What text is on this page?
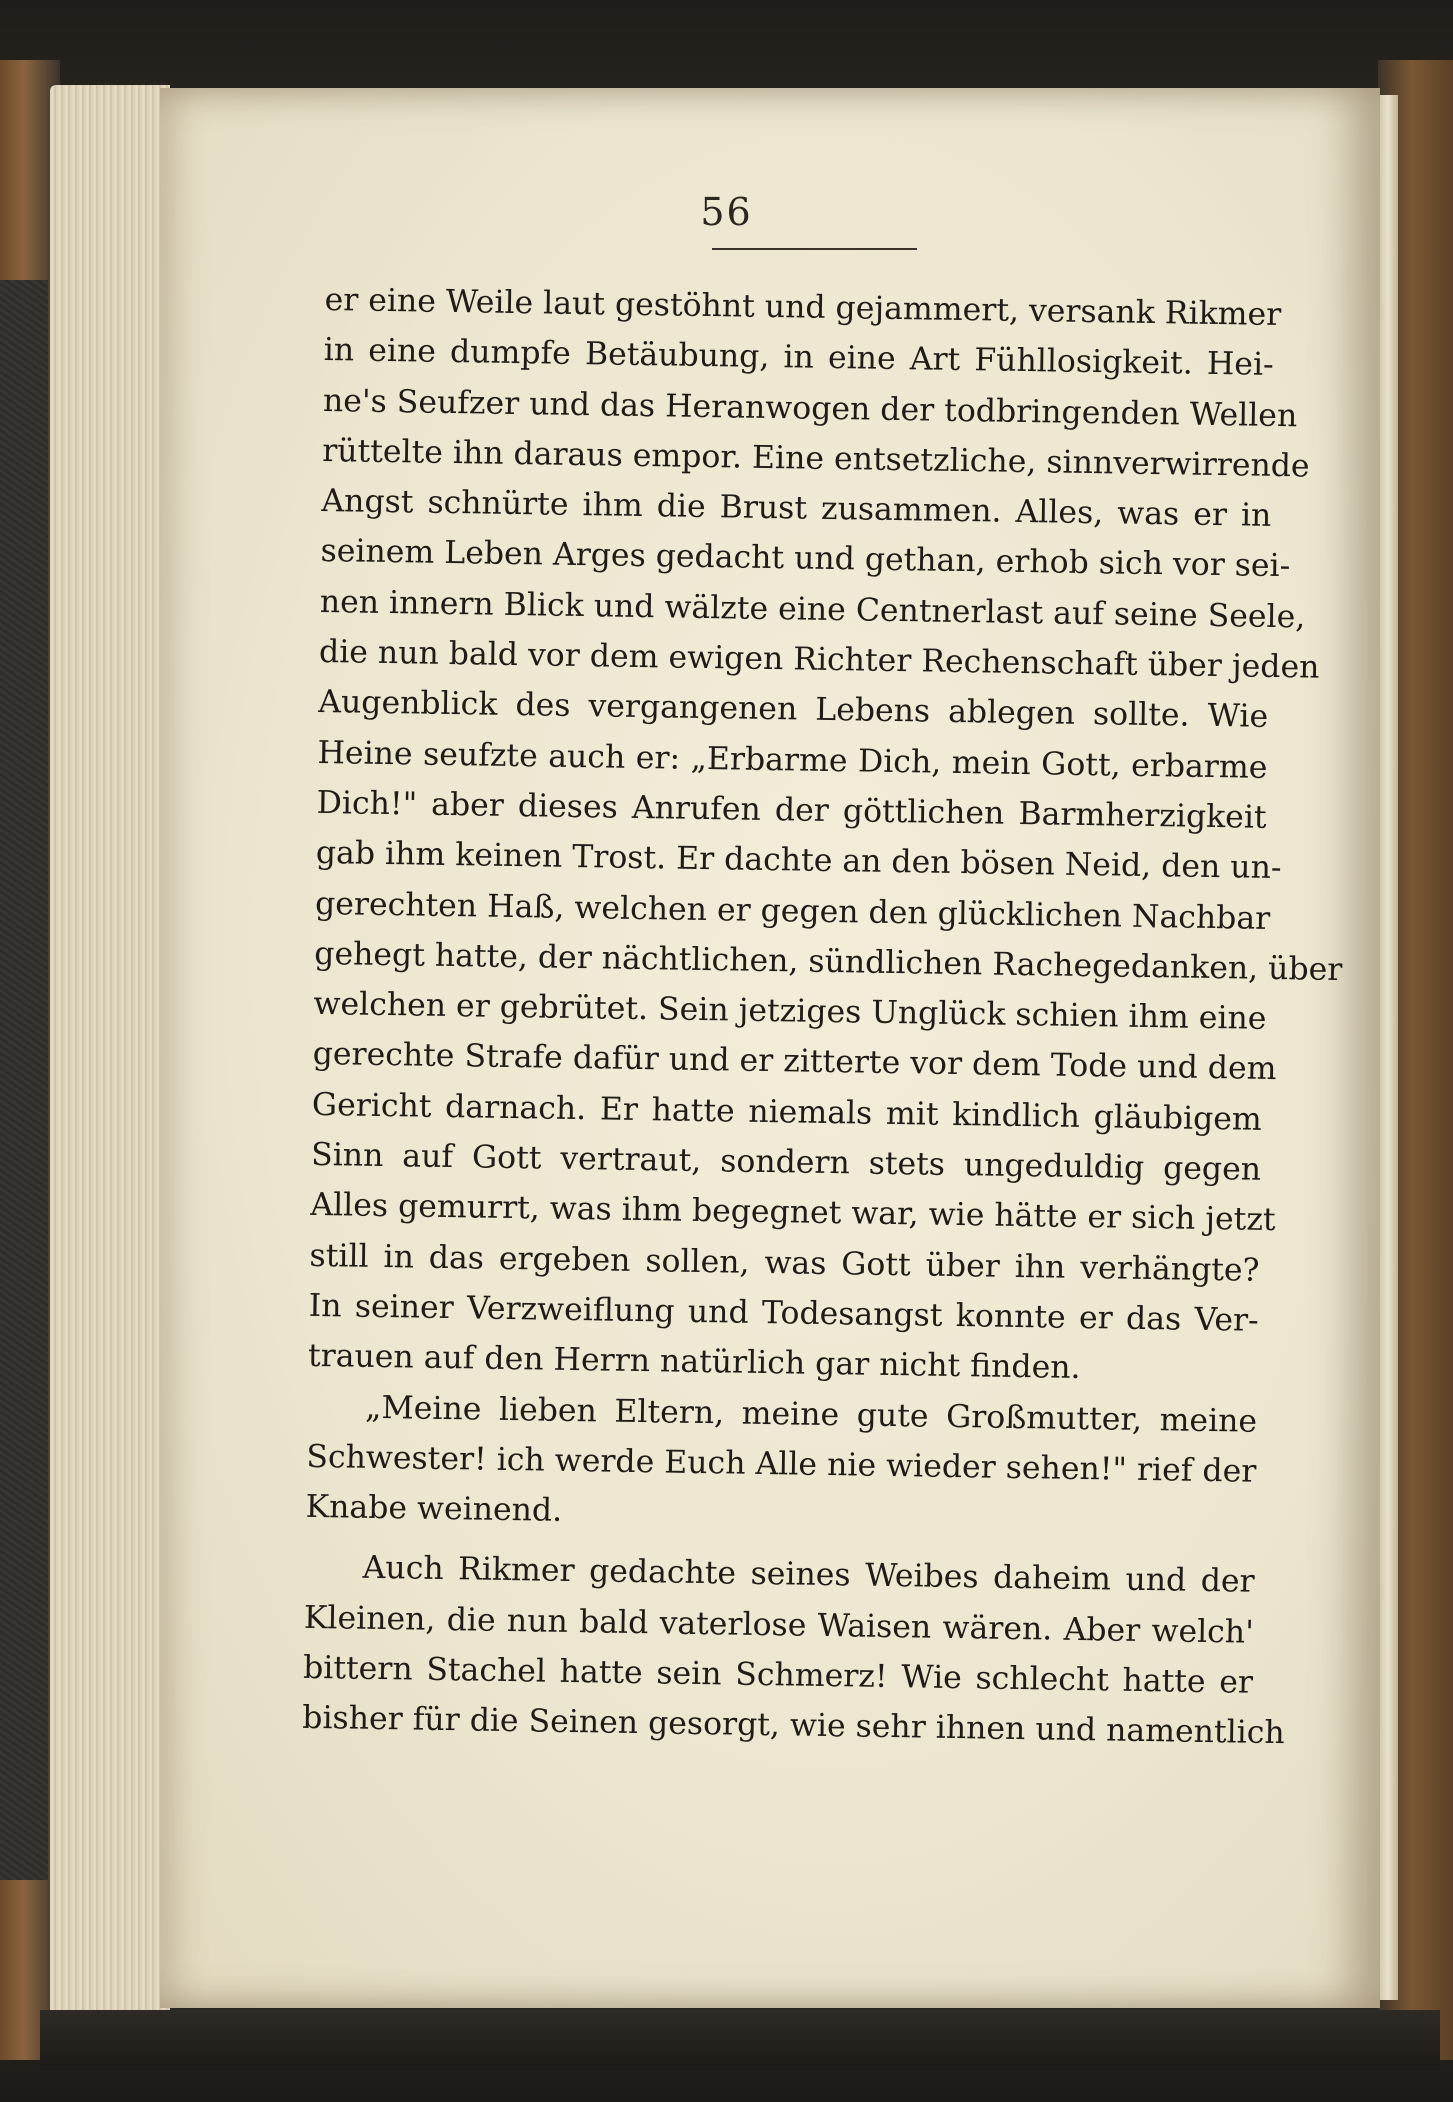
56
er eine Weile laut gestöhnt und gejammert, versank Rikmer
in eine dumpfe Betäubung, in eine Art Fühllosigkeit. Hei-
ne's Seufzer und das Heranwogen der todbringenden Wellen
rüttelte ihn daraus empor. Eine entsetzliche, sinnverwirrende
Angst schnürte ihm die Brust zusammen. Alles, was er in
seinem Leben Arges gedacht und gethan, erhob sich vor sei-
nen innern Blick und wälzte eine Centnerlast auf seine Seele,
die nun bald vor dem ewigen Richter Rechenschaft über jeden
Augenblick des vergangenen Lebens ablegen sollte. Wie
Heine seufzte auch er: „Erbarme Dich, mein Gott, erbarme
Dich!" aber dieses Anrufen der göttlichen Barmherzigkeit
gab ihm keinen Trost. Er dachte an den bösen Neid, den un-
gerechten Haß, welchen er gegen den glücklichen Nachbar
gehegt hatte, der nächtlichen, sündlichen Rachegedanken, über
welchen er gebrütet. Sein jetziges Unglück schien ihm eine
gerechte Strafe dafür und er zitterte vor dem Tode und dem
Gericht darnach. Er hatte niemals mit kindlich gläubigem
Sinn auf Gott vertraut, sondern stets ungeduldig gegen
Alles gemurrt, was ihm begegnet war, wie hätte er sich jetzt
still in das ergeben sollen, was Gott über ihn verhängte?
In seiner Verzweiflung und Todesangst konnte er das Ver-
trauen auf den Herrn natürlich gar nicht finden.
„Meine lieben Eltern, meine gute Großmutter, meine
Schwester! ich werde Euch Alle nie wieder sehen!" rief der
Knabe weinend.
Auch Rikmer gedachte seines Weibes daheim und der
Kleinen, die nun bald vaterlose Waisen wären. Aber welch'
bittern Stachel hatte sein Schmerz! Wie schlecht hatte er
bisher für die Seinen gesorgt, wie sehr ihnen und namentlich
